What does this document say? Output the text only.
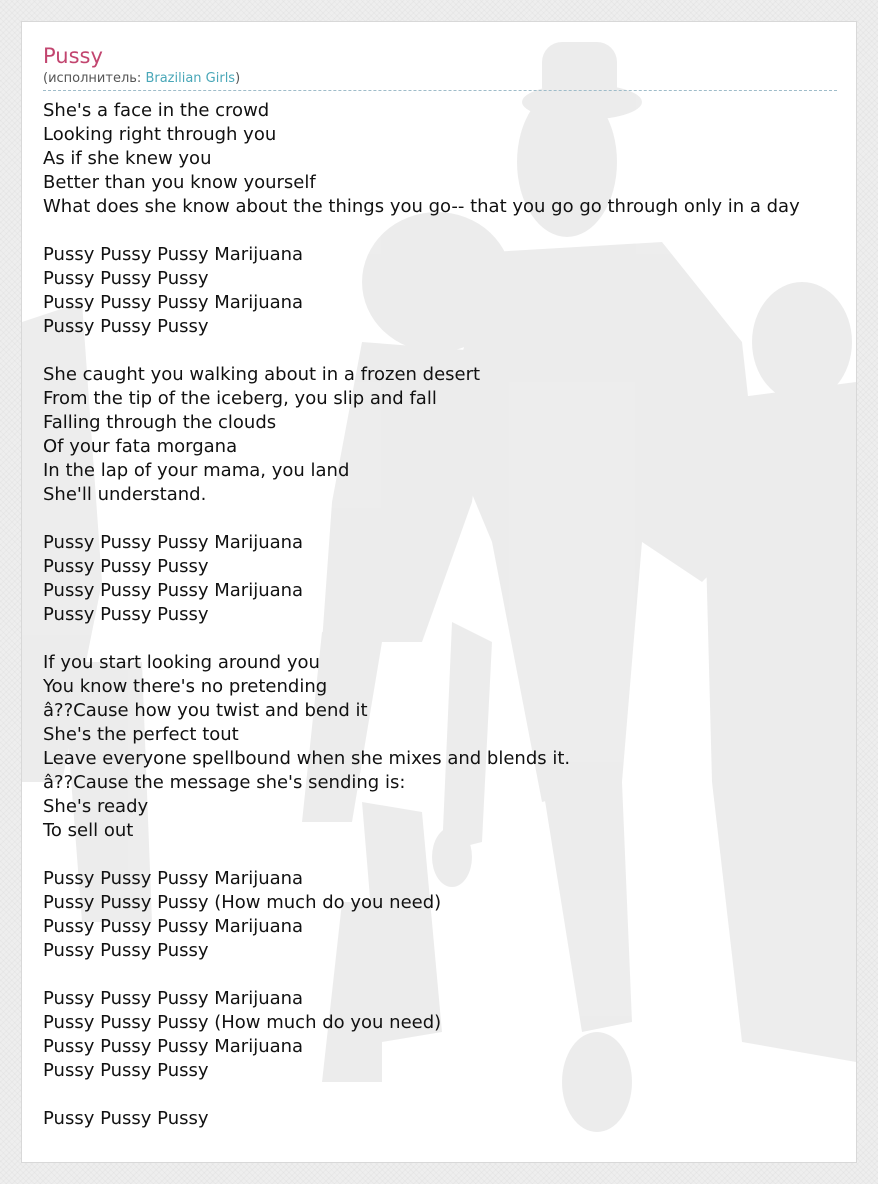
Pussy
(исполнитель: Brazilian Girls)
She's a face in the crowd
Looking right through you
As if she knew you
Better than you know yourself
What does she know about the things you go-- that you go go through only in a day
Pussy Pussy Pussy Marijuana
Pussy Pussy Pussy
Pussy Pussy Pussy Marijuana
Pussy Pussy Pussy
She caught you walking about in a frozen desert
From the tip of the iceberg, you slip and fall
Falling through the clouds
Of your fata morgana
In the lap of your mama, you land
She'll understand.
Pussy Pussy Pussy Marijuana
Pussy Pussy Pussy
Pussy Pussy Pussy Marijuana
Pussy Pussy Pussy
If you start looking around you
You know there's no pretending
â??Cause how you twist and bend it
She's the perfect tout
Leave everyone spellbound when she mixes and blends it.
â??Cause the message she's sending is:
She's ready
To sell out
Pussy Pussy Pussy Marijuana
Pussy Pussy Pussy (How much do you need)
Pussy Pussy Pussy Marijuana
Pussy Pussy Pussy
Pussy Pussy Pussy Marijuana
Pussy Pussy Pussy (How much do you need)
Pussy Pussy Pussy Marijuana
Pussy Pussy Pussy
Pussy Pussy Pussy
